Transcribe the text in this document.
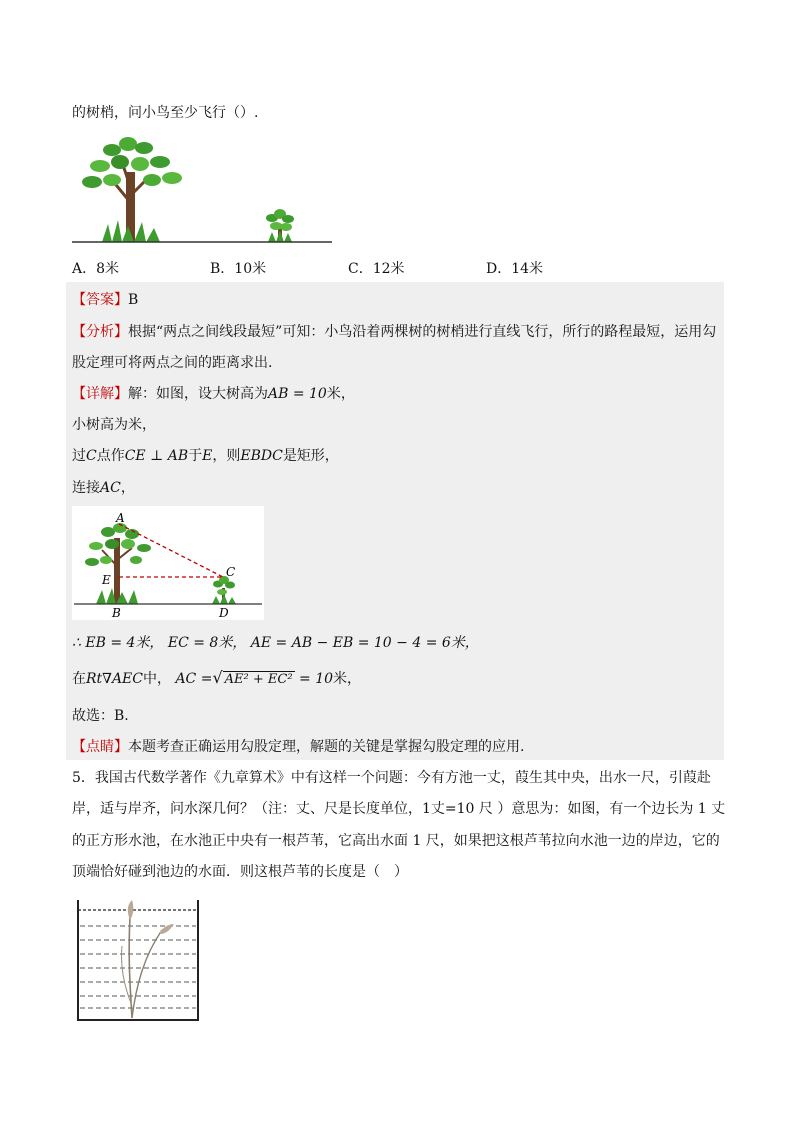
的树梢，问小鸟至少飞行（）.
A．8米	B．10米	C．12米	D．14米
【答案】B
【分析】根据“两点之间线段最短”可知：小鸟沿着两棵树的树梢进行直线飞行，所行的路程最短，运用勾
股定理可将两点之间的距离求出.
【详解】解：如图，设大树高为AB = 10米，
小树高为米，
过C点作CE ⊥ AB于E，则EBDC是矩形，
连接AC，
A
E
B
C
D
∴ EB = 4米， EC = 8米， AE = AB − EB = 10 − 4 = 6米，
在Rt∇AEC中， AC =√ AE² + EC² = 10米，
故选：B.
【点睛】本题考查正确运用勾股定理，解题的关键是掌握勾股定理的应用.
5．我国古代数学著作《九章算术》中有这样一个问题：今有方池一丈，葭生其中央，出水一尺，引葭赴
岸，适与岸齐，问水深几何？（注：丈、尺是长度单位，1丈=10 尺 ）意思为：如图，有一个边长为 1 丈
的正方形水池，在水池正中央有一根芦苇，它高出水面 1 尺，如果把这根芦苇拉向水池一边的岸边，它的
顶端恰好碰到池边的水面．则这根芦苇的长度是（　）
